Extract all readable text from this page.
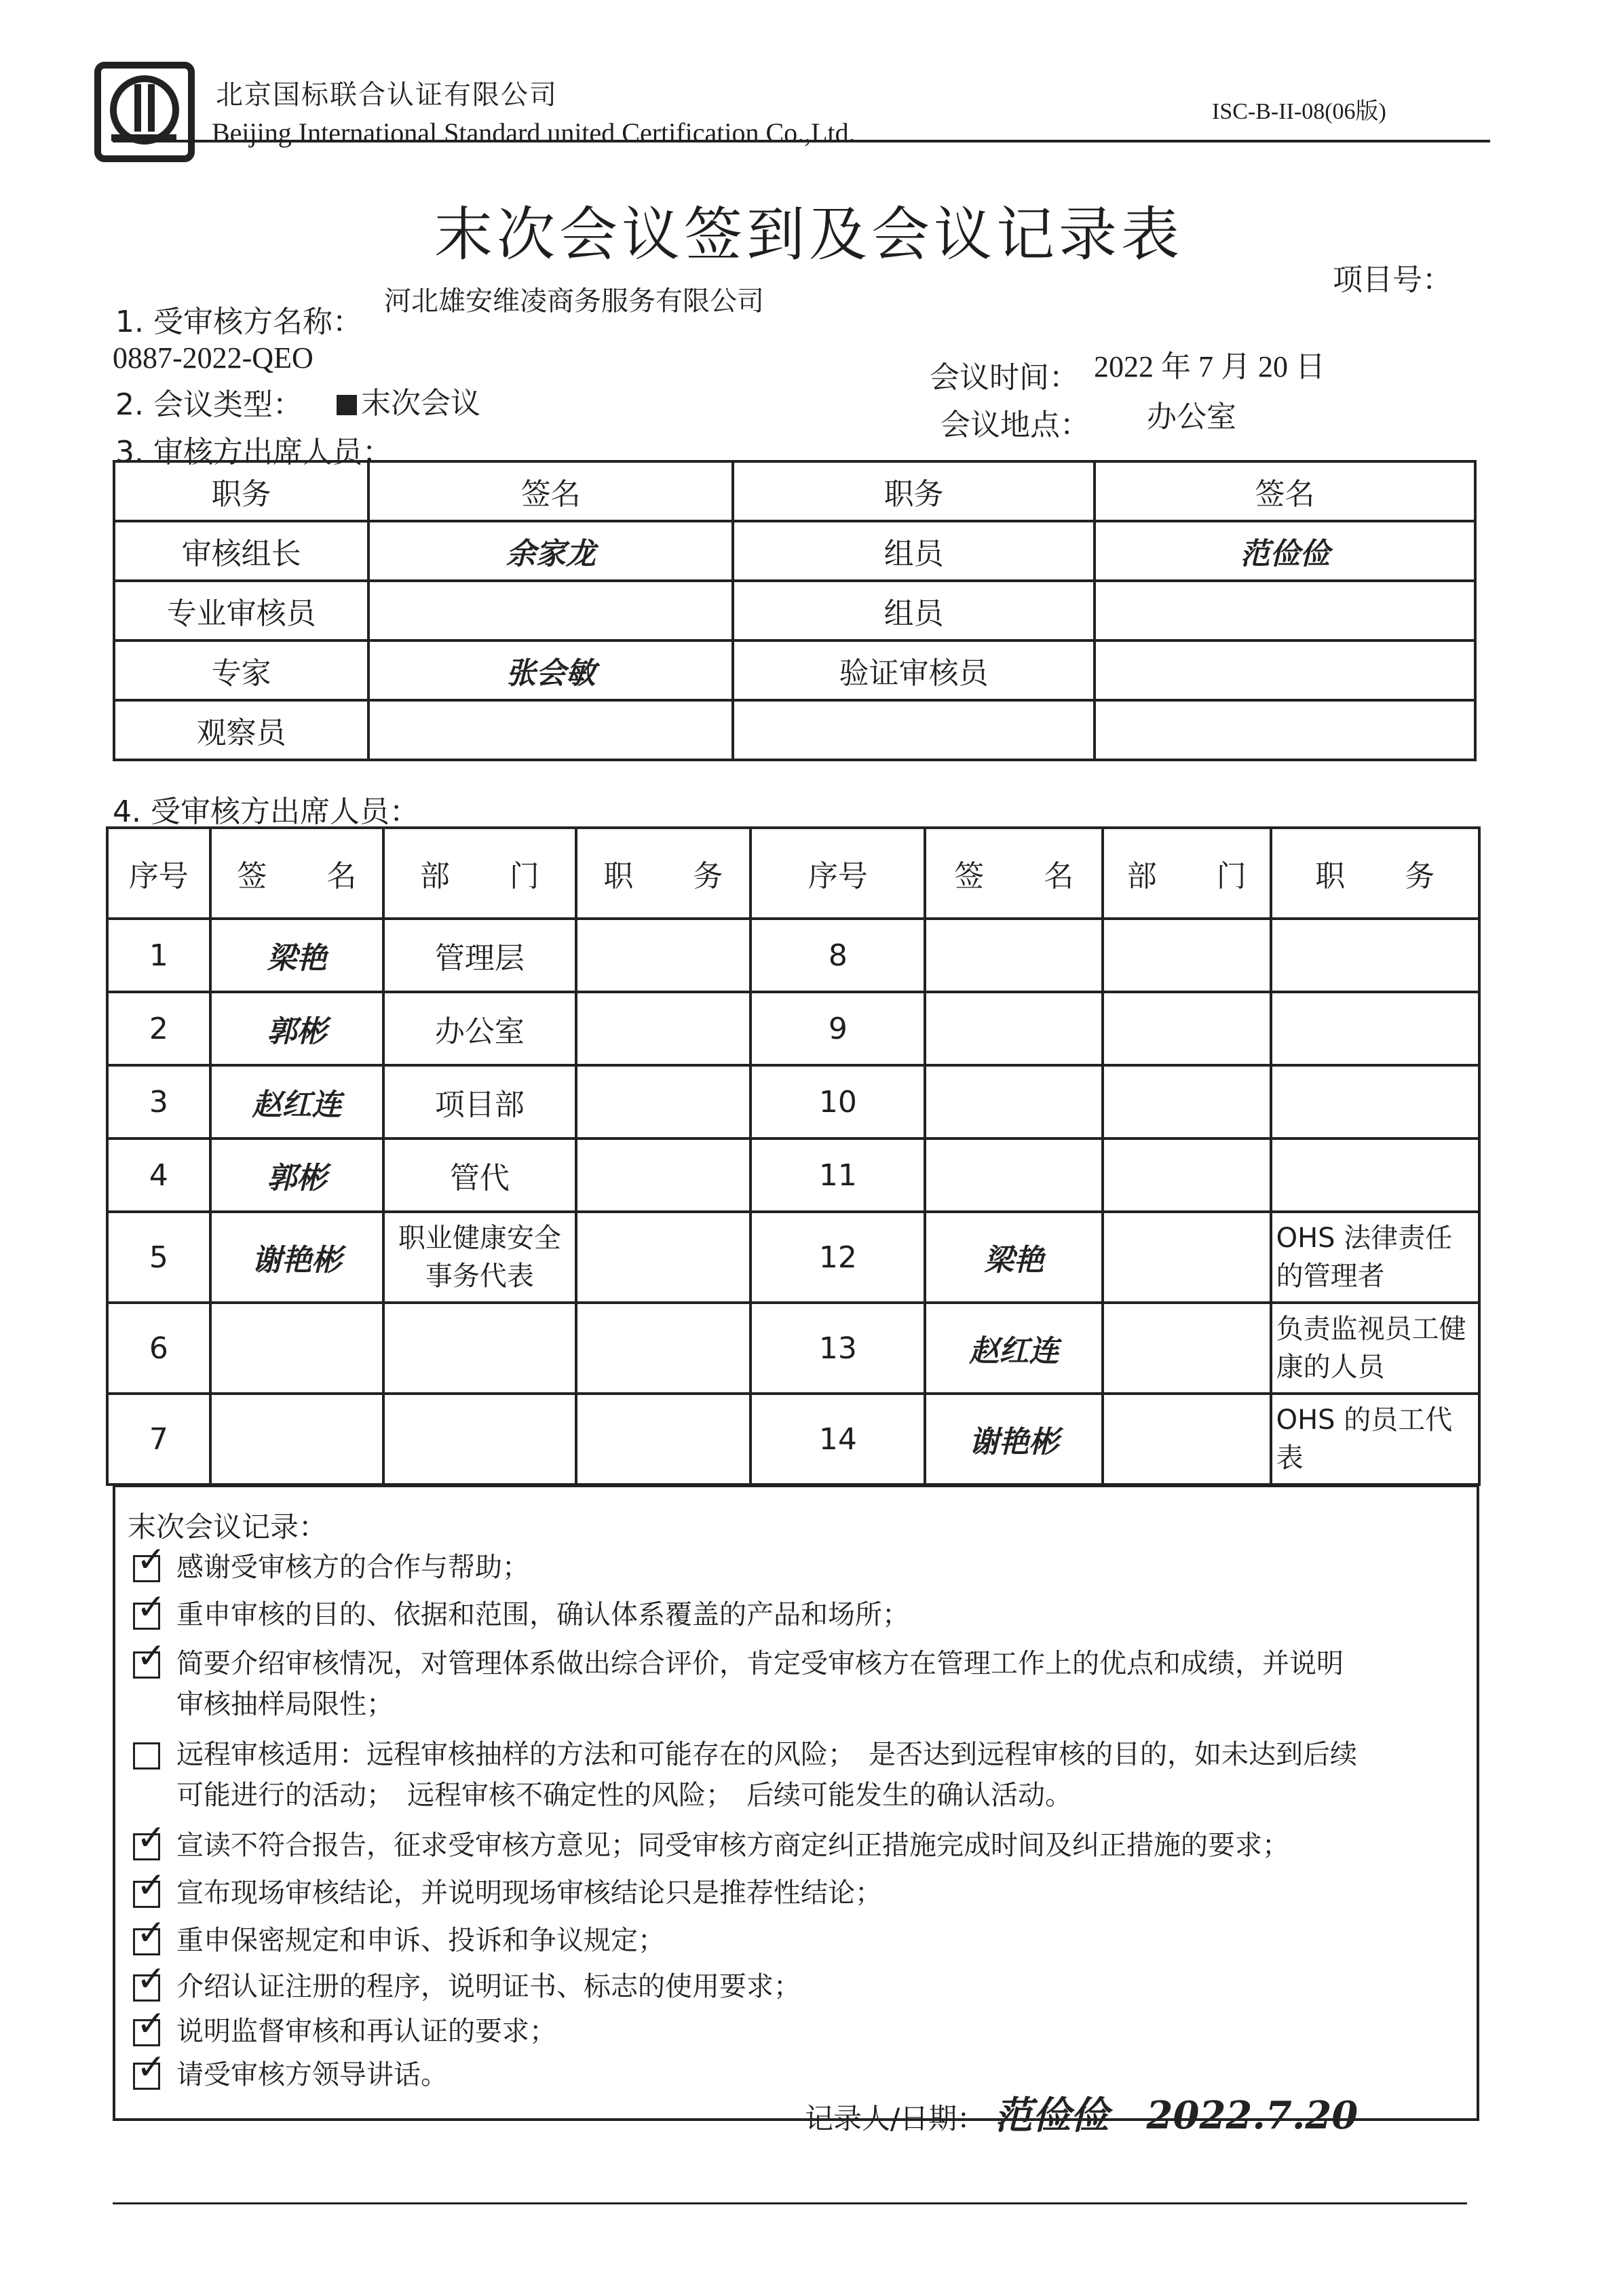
北京国标联合认证有限公司
Beijing International Standard united Certification Co.,Ltd.
ISC-B-II-08(06版)
末次会议签到及会议记录表
项目号：
1. 受审核方名称：
河北雄安维凌商务服务有限公司
0887-2022-QEO
2. 会议类型：	末次会议
会议时间： 2022 年 7 月 20 日
会议地点： 办公室
3. 审核方出席人员：
职务	签名	职务	签名
审核组长	余家龙	组员	范俭俭
专业审核员		组员	
专家	张会敏	验证审核员	
观察员			
4. 受审核方出席人员：
序号	签　　名	部　　门	职　　务	序号	签　　名	部　　门	职　　务
1	梁艳	管理层		8			
2	郭彬	办公室		9			
3	赵红连	项目部		10			
4	郭彬	管代		11			
5	谢艳彬	职业健康安全事务代表		12	梁艳		OHS 法律责任的管理者
6				13	赵红连		负责监视员工健康的人员
7				14	谢艳彬		OHS 的员工代表
末次会议记录：
✓ 感谢受审核方的合作与帮助；
✓ 重申审核的目的、依据和范围，确认体系覆盖的产品和场所；
✓ 简要介绍审核情况，对管理体系做出综合评价，肯定受审核方在管理工作上的优点和成绩，并说明
审核抽样局限性；
远程审核适用：远程审核抽样的方法和可能存在的风险；　是否达到远程审核的目的，如未达到后续
可能进行的活动；　远程审核不确定性的风险；　后续可能发生的确认活动。
✓ 宣读不符合报告，征求受审核方意见；同受审核方商定纠正措施完成时间及纠正措施的要求；
✓ 宣布现场审核结论，并说明现场审核结论只是推荐性结论；
✓ 重申保密规定和申诉、投诉和争议规定；
✓ 介绍认证注册的程序，说明证书、标志的使用要求；
✓ 说明监督审核和再认证的要求；
✓ 请受审核方领导讲话。
记录人/日期： 范俭俭　2022.7.20
